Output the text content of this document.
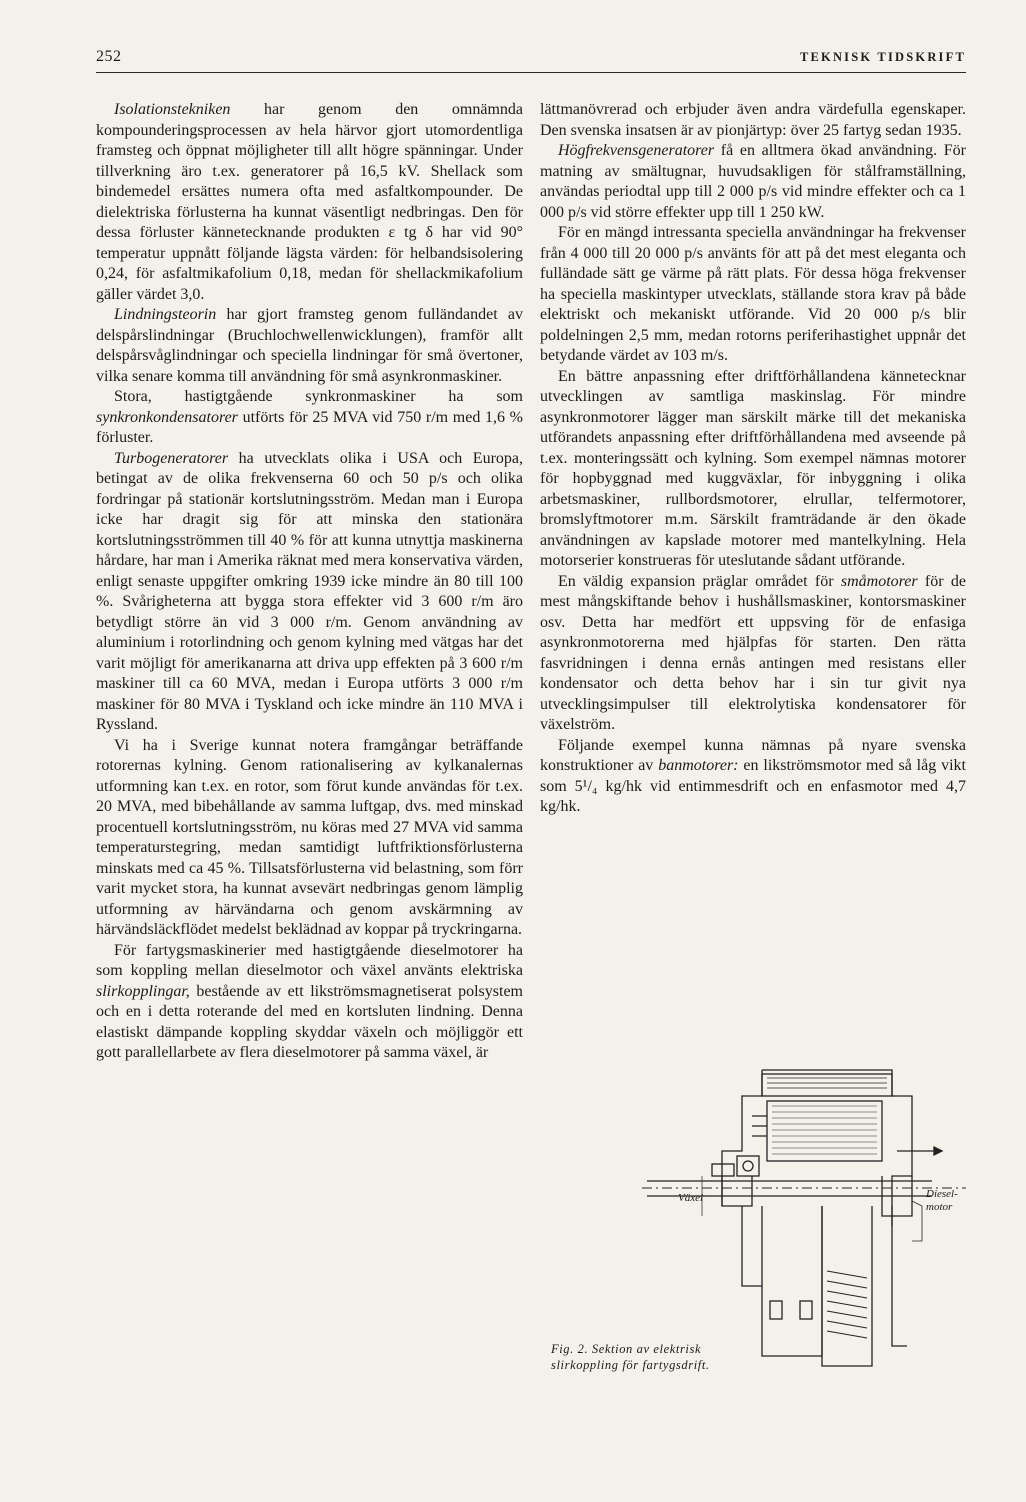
252	TEKNISK TIDSKRIFT

Isolationstekniken har genom den omnämnda kompounderingsprocessen av hela härvor gjort utomordentliga framsteg och öppnat möjligheter till allt högre spänningar. Under tillverkning äro t.ex. generatorer på 16,5 kV. Shellack som bindemedel ersättes numera ofta med asfaltkompounder. De dielektriska förlusterna ha kunnat väsentligt nedbringas. Den för dessa förluster kännetecknande produkten ε tg δ har vid 90° temperatur uppnått följande lägsta värden: för helbandsisolering 0,24, för asfaltmikafolium 0,18, medan för shellackmikafolium gäller värdet 3,0.

Lindningsteorin har gjort framsteg genom fulländandet av delspårslindningar (Bruchlochwellenwicklungen), framför allt delspårsvåglindningar och speciella lindningar för små övertoner, vilka senare komma till användning för små asynkronmaskiner.

Stora, hastigtgående synkronmaskiner ha som synkronkondensatorer utförts för 25 MVA vid 750 r/m med 1,6 % förluster.

Turbogeneratorer ha utvecklats olika i USA och Europa, betingat av de olika frekvenserna 60 och 50 p/s och olika fordringar på stationär kortslutningsström. Medan man i Europa icke har dragit sig för att minska den stationära kortslutningsströmmen till 40 % för att kunna utnyttja maskinerna hårdare, har man i Amerika räknat med mera konservativa värden, enligt senaste uppgifter omkring 1939 icke mindre än 80 till 100 %. Svårigheterna att bygga stora effekter vid 3 600 r/m äro betydligt större än vid 3 000 r/m. Genom användning av aluminium i rotorlindning och genom kylning med vätgas har det varit möjligt för amerikanarna att driva upp effekten på 3 600 r/m maskiner till ca 60 MVA, medan i Europa utförts 3 000 r/m maskiner för 80 MVA i Tyskland och icke mindre än 110 MVA i Ryssland.

Vi ha i Sverige kunnat notera framgångar beträffande rotorernas kylning. Genom rationalisering av kylkanalernas utformning kan t.ex. en rotor, som förut kunde användas för t.ex. 20 MVA, med bibehållande av samma luftgap, dvs. med minskad procentuell kortslutningsström, nu köras med 27 MVA vid samma temperaturstegring, medan samtidigt luftfriktionsförlusterna minskats med ca 45 %. Tillsatsförlusterna vid belastning, som förr varit mycket stora, ha kunnat avsevärt nedbringas genom lämplig utformning av härvändarna och genom avskärmning av härvändsläckflödet medelst beklädnad av koppar på tryckringarna.

För fartygsmaskinerier med hastigtgående dieselmotorer ha som koppling mellan dieselmotor och växel använts elektriska slirkopplingar, bestående av ett likströmsmagnetiserat polsystem och en i detta roterande del med en kortsluten lindning. Denna elastiskt dämpande koppling skyddar växeln och möjliggör ett gott parallellarbete av flera dieselmotorer på samma växel, är

lättmanövrerad och erbjuder även andra värdefulla egenskaper. Den svenska insatsen är av pionjärtyp: över 25 fartyg sedan 1935.

Högfrekvensgeneratorer få en alltmera ökad användning. För matning av smältugnar, huvudsakligen för stålframställning, användas periodtal upp till 2 000 p/s vid mindre effekter och ca 1 000 p/s vid större effekter upp till 1 250 kW.

För en mängd intressanta speciella användningar ha frekvenser från 4 000 till 20 000 p/s använts för att på det mest eleganta och fulländade sätt ge värme på rätt plats. För dessa höga frekvenser ha speciella maskintyper utvecklats, ställande stora krav på både elektriskt och mekaniskt utförande. Vid 20 000 p/s blir poldelningen 2,5 mm, medan rotorns periferihastighet uppnår det betydande värdet av 103 m/s.

En bättre anpassning efter driftförhållandena kännetecknar utvecklingen av samtliga maskinslag. För mindre asynkronmotorer lägger man särskilt märke till det mekaniska utförandets anpassning efter driftförhållandena med avseende på t.ex. monteringssätt och kylning. Som exempel nämnas motorer för hopbyggnad med kuggväxlar, för inbyggning i olika arbetsmaskiner, rullbordsmotorer, elrullar, telfermotorer, bromslyftmotorer m.m. Särskilt framträdande är den ökade användningen av kapslade motorer med mantelkylning. Hela motorserier konstrueras för uteslutande sådant utförande.

En väldig expansion präglar området för småmotorer för de mest mångskiftande behov i hushållsmaskiner, kontorsmaskiner osv. Detta har medfört ett uppsving för de enfasiga asynkronmotorerna med hjälpfas för starten. Den rätta fasvridningen i denna ernås antingen med resistans eller kondensator och detta behov har i sin tur givit nya utvecklingsimpulser till elektrolytiska kondensatorer för växelström.

Följande exempel kunna nämnas på nyare svenska konstruktioner av banmotorer: en likströmsmotor med så låg vikt som 5¹/₄ kg/hk vid entimmesdrift och en enfasmotor med 4,7 kg/hk.

Växel	Diesel-motor
Fig. 2. Sektion av elektrisk slirkoppling för fartygsdrift.
